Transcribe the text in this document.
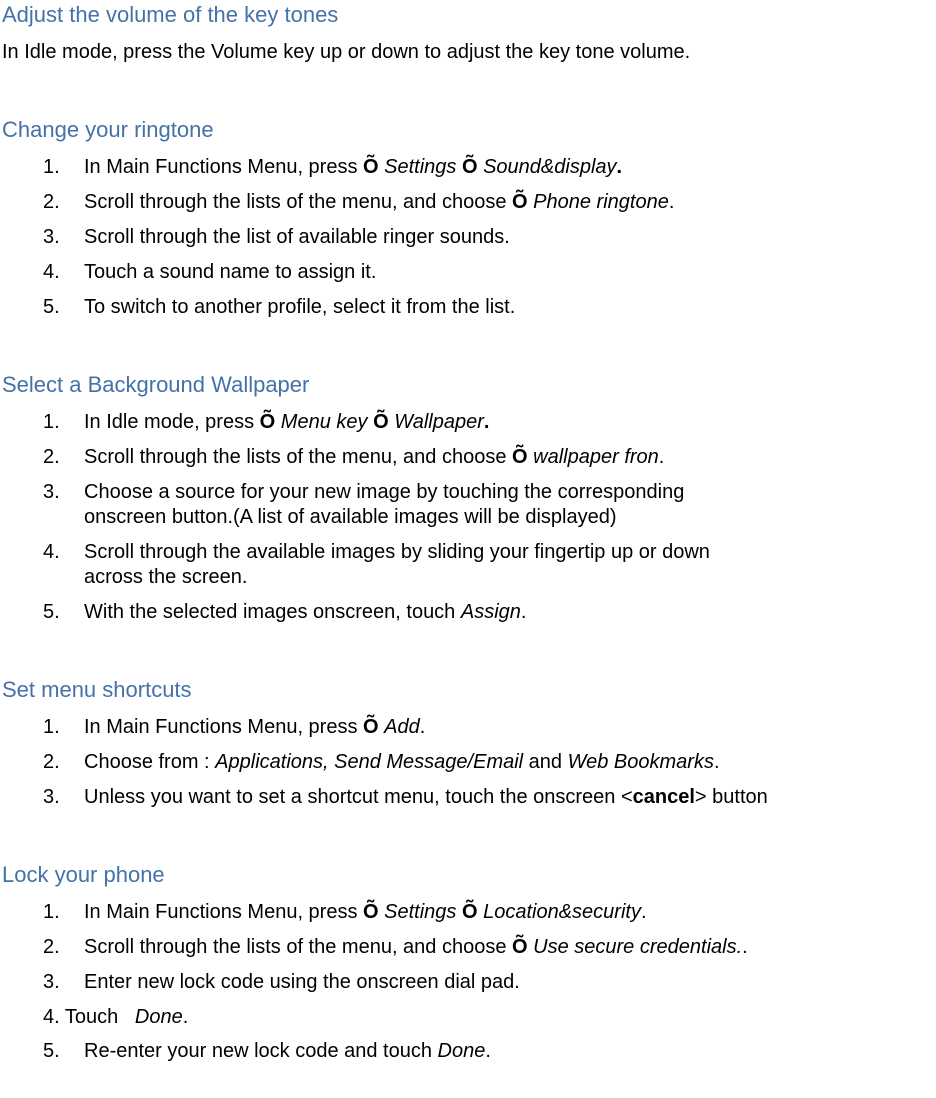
Adjust the volume of the key tones

In Idle mode, press the Volume key up or down to adjust the key tone volume.

Change your ringtone
1.	In Main Functions Menu, press Õ Settings Õ Sound&display.
2.	Scroll through the lists of the menu, and choose Õ Phone ringtone.
3.	Scroll through the list of available ringer sounds.
4.	Touch a sound name to assign it.
5.	To switch to another profile, select it from the list.
Select a Background Wallpaper
1.	In Idle mode, press Õ Menu key Õ Wallpaper.
2.	Scroll through the lists of the menu, and choose Õ wallpaper fron.
3.	Choose a source for your new image by touching the corresponding
onscreen button.(A list of available images will be displayed)
4.	Scroll through the available images by sliding your fingertip up or down
across the screen.
5.	With the selected images onscreen, touch Assign.
Set menu shortcuts
1.	In Main Functions Menu, press Õ Add.
2.	Choose from : Applications, Send Message/Email and Web Bookmarks.
3.	Unless you want to set a shortcut menu, touch the onscreen <cancel> button
Lock your phone
1.	In Main Functions Menu, press Õ Settings Õ Location&security.
2.	Scroll through the lists of the menu, and choose Õ Use secure credentials..
3.	Enter new lock code using the onscreen dial pad.

4. Touch   Done.

5.	Re-enter your new lock code and touch Done.
